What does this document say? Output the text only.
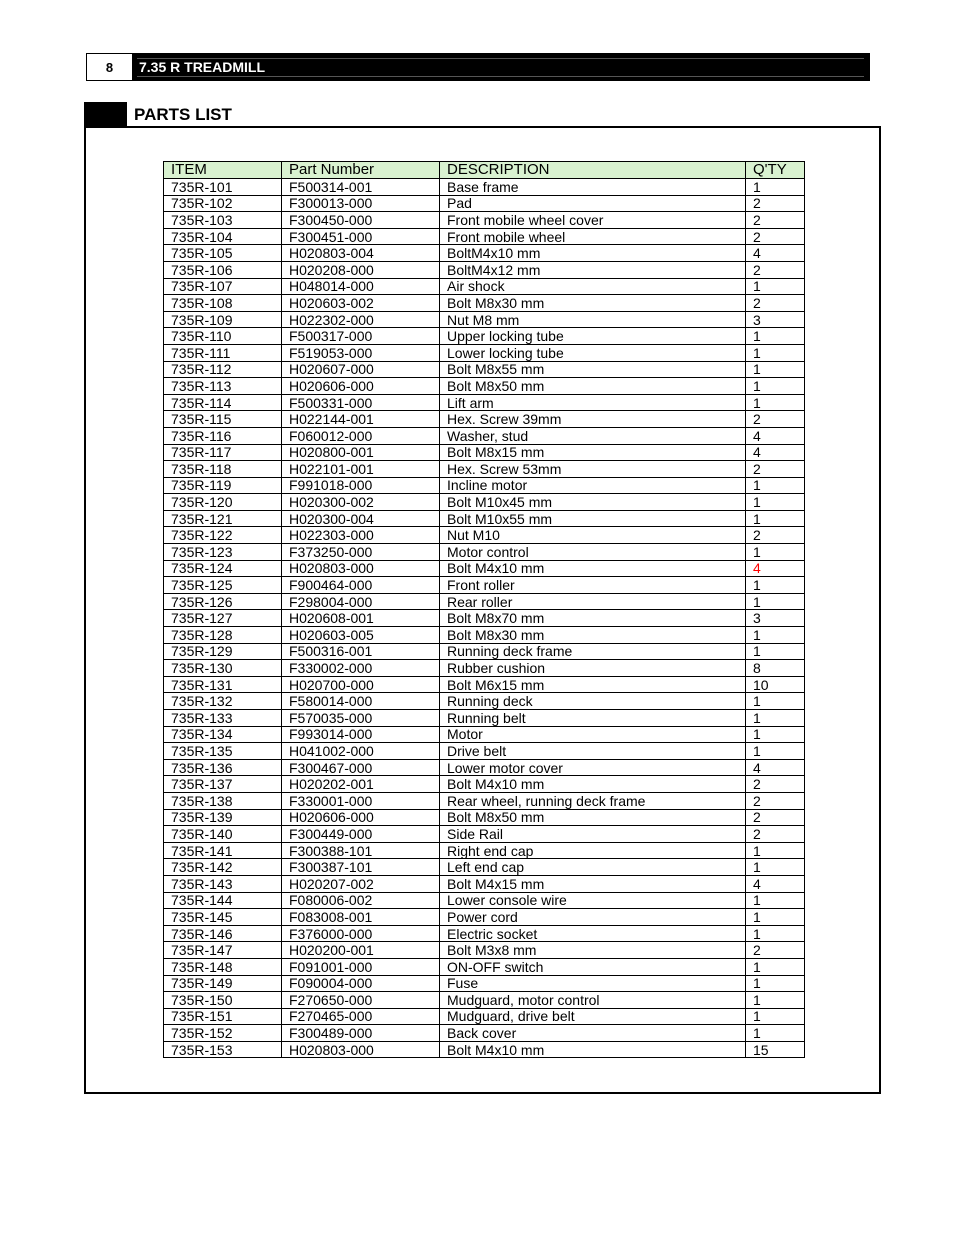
8	7.35 R TREADMILL
PARTS LIST
ITEM	Part Number	DESCRIPTION	Q'TY
735R-101	F500314-001	Base frame	1
735R-102	F300013-000	Pad	2
735R-103	F300450-000	Front mobile wheel cover	2
735R-104	F300451-000	Front mobile wheel	2
735R-105	H020803-004	BoltM4x10 mm	4
735R-106	H020208-000	BoltM4x12 mm	2
735R-107	H048014-000	Air shock	1
735R-108	H020603-002	Bolt M8x30 mm	2
735R-109	H022302-000	Nut M8 mm	3
735R-110	F500317-000	Upper locking tube	1
735R-111	F519053-000	Lower locking tube	1
735R-112	H020607-000	Bolt M8x55 mm	1
735R-113	H020606-000	Bolt M8x50 mm	1
735R-114	F500331-000	Lift arm	1
735R-115	H022144-001	Hex. Screw 39mm	2
735R-116	F060012-000	Washer, stud	4
735R-117	H020800-001	Bolt M8x15 mm	4
735R-118	H022101-001	Hex. Screw 53mm	2
735R-119	F991018-000	Incline motor	1
735R-120	H020300-002	Bolt M10x45 mm	1
735R-121	H020300-004	Bolt M10x55 mm	1
735R-122	H022303-000	Nut M10	2
735R-123	F373250-000	Motor control	1
735R-124	H020803-000	Bolt M4x10 mm	4
735R-125	F900464-000	Front roller	1
735R-126	F298004-000	Rear roller	1
735R-127	H020608-001	Bolt M8x70 mm	3
735R-128	H020603-005	Bolt M8x30 mm	1
735R-129	F500316-001	Running deck frame	1
735R-130	F330002-000	Rubber cushion	8
735R-131	H020700-000	Bolt M6x15 mm	10
735R-132	F580014-000	Running deck	1
735R-133	F570035-000	Running belt	1
735R-134	F993014-000	Motor	1
735R-135	H041002-000	Drive belt	1
735R-136	F300467-000	Lower motor cover	4
735R-137	H020202-001	Bolt M4x10 mm	2
735R-138	F330001-000	Rear wheel, running deck frame	2
735R-139	H020606-000	Bolt M8x50 mm	2
735R-140	F300449-000	Side Rail	2
735R-141	F300388-101	Right end cap	1
735R-142	F300387-101	Left end cap	1
735R-143	H020207-002	Bolt M4x15 mm	4
735R-144	F080006-002	Lower console wire	1
735R-145	F083008-001	Power cord	1
735R-146	F376000-000	Electric socket	1
735R-147	H020200-001	Bolt M3x8 mm	2
735R-148	F091001-000	ON-OFF switch	1
735R-149	F090004-000	Fuse	1
735R-150	F270650-000	Mudguard, motor control	1
735R-151	F270465-000	Mudguard, drive belt	1
735R-152	F300489-000	Back cover	1
735R-153	H020803-000	Bolt M4x10 mm	15
